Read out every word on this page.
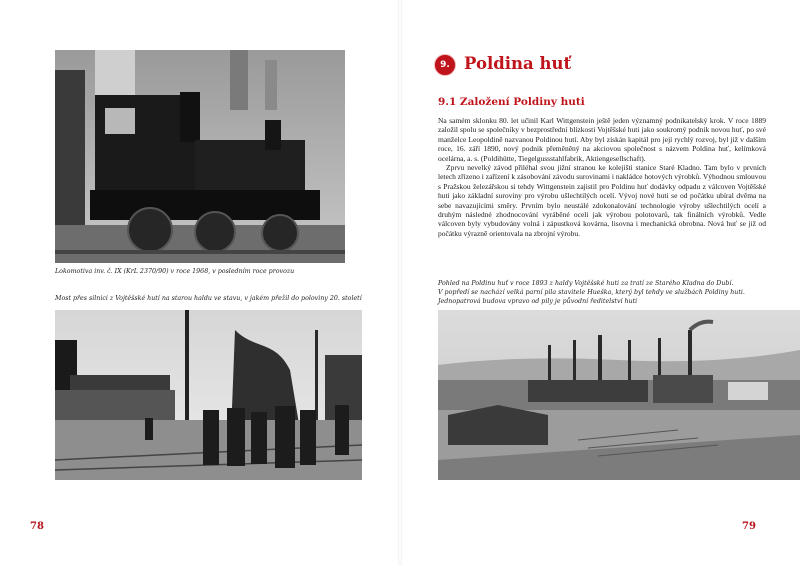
Lokomotiva inv. č. IX (KrL 2370/90) v roce 1968, v posledním roce provozu
Most přes silnici z Vojtěšské hutí na starou haldu ve stavu, v jakém přežil do poloviny 20. století
78
9. Poldina huť
9.1 Založení Poldiny huti

Na samém sklonku 80. let učinil Karl Wittgenstein ještě jeden významný podnikatelský krok. V roce 1889 založil spolu se společníky v bezprostřední blízkosti Vojtěšské huti jako soukromý podnik novou huť, po své manželce Leopoldině nazvanou Poldinou hutí. Aby byl získán kapitál pro její rychlý rozvoj, byl již v dalším roce, 16. září 1890, nový podnik přeměněný na akciovou společnost s názvem Poldina huť, kelímková ocelárna, a. s. (Poldihütte, Tiegelgussstahlfabrik, Aktiengesellschaft).

Zprvu nevelký závod přiléhal svou jižní stranou ke kolejišti stanice Staré Kladno. Tam bylo v prvních letech zřízeno i zařízení k zásobování závodu surovinami i nakládce hotových výrobků. Výhodnou smlouvou s Pražskou železářskou si tehdy Wittgenstein zajistil pro Poldinu huť dodávky odpadu z válcoven Vojtěšské huti jako základní suroviny pro výrobu ušlechtilých ocelí. Vývoj nové huti se od počátku ubíral dvěma na sebe navazujícími směry. Prvním bylo neustálé zdokonalování technologie výroby ušlechtilých ocelí a druhým následné zhodnocování vyráběné oceli jak výrobou polotovarů, tak finálních výrobků. Vedle válcoven byly vybudovány volná i zápustková kovárna, lisovna i mechanická obrobna. Nová huť se již od počátku výrazně orientovala na zbrojní výrobu.

Pohled na Poldinu huť v roce 1893 z haldy Vojtěšské huti za tratí ze Starého Kladna do Dubí.
V popředí se nachází velká parní pila stavitele Hueška, který byl tehdy ve službách Poldiny huti.
Jednopatrová budova vpravo od pily je původní ředitelství huti
79
